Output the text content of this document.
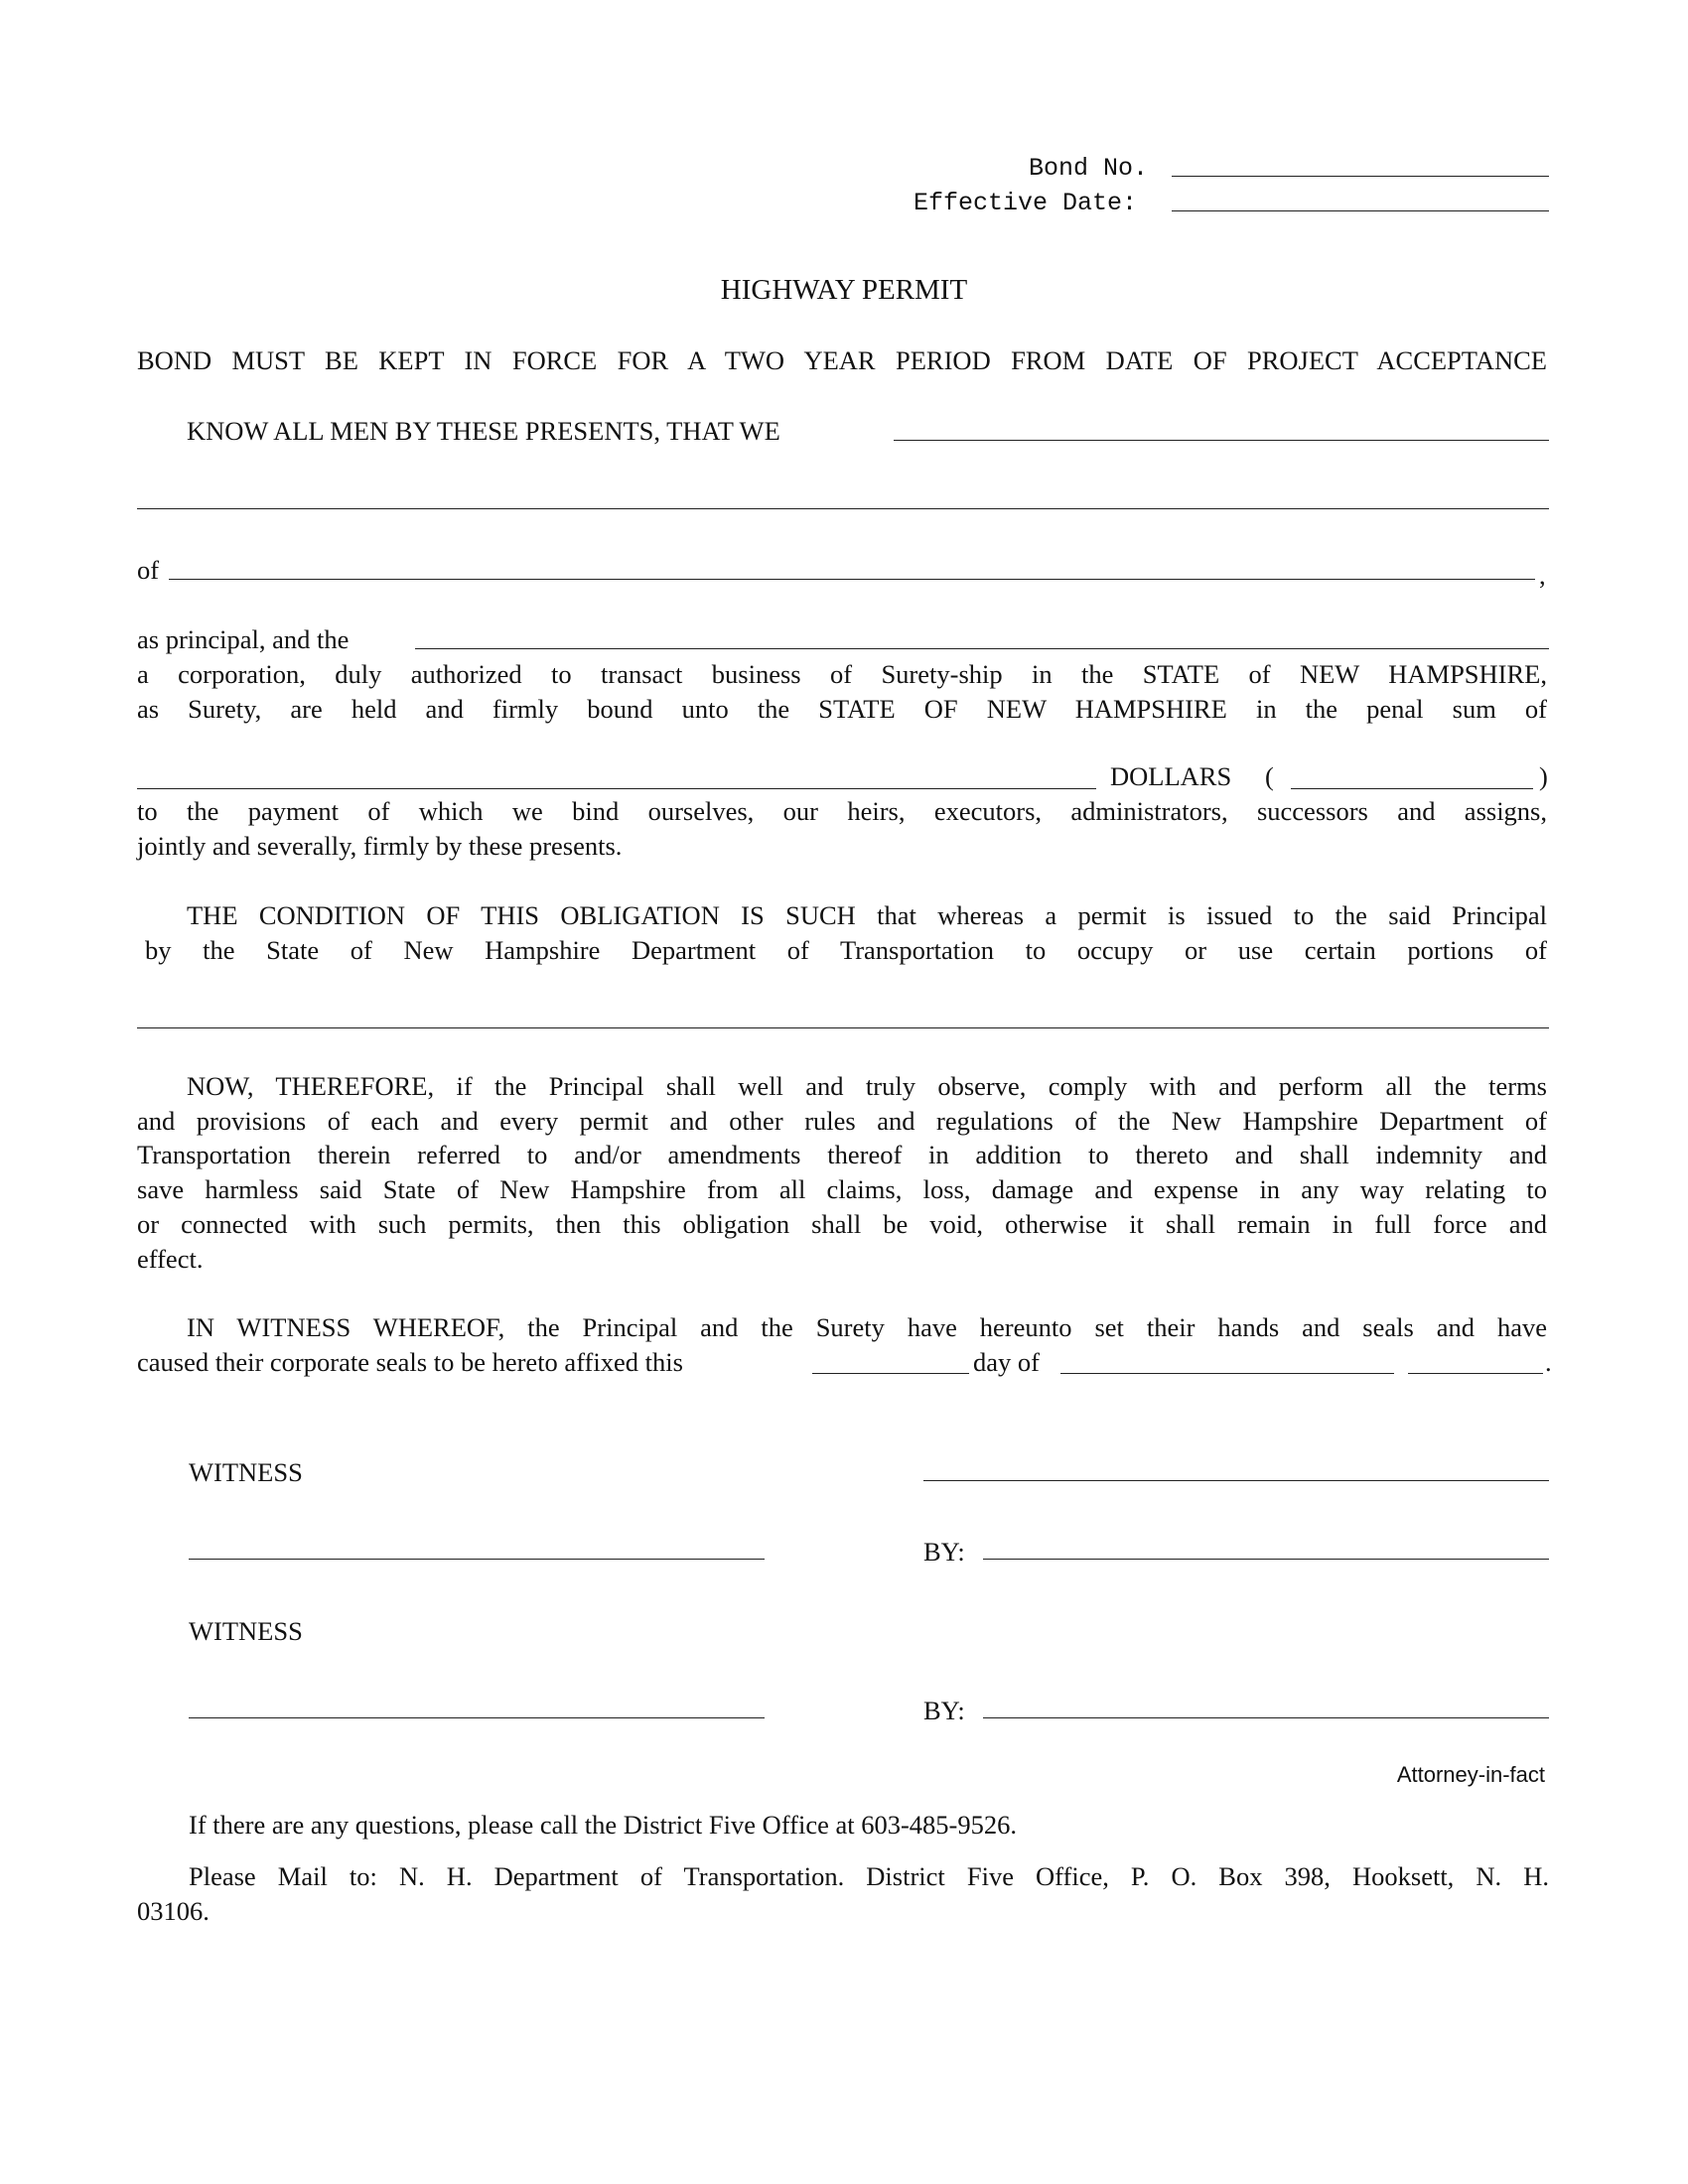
Bond No.
Effective Date:
HIGHWAY PERMIT
BOND MUST BE KEPT IN FORCE FOR A TWO YEAR PERIOD FROM DATE OF PROJECT ACCEPTANCE
KNOW ALL MEN BY THESE PRESENTS, THAT WE
of	,
as principal, and the
a corporation, duly authorized to transact business of Surety-ship in the STATE of NEW HAMPSHIRE,
as Surety, are held and firmly bound unto the STATE OF NEW HAMPSHIRE in the penal sum of
DOLLARS (	)
to the payment of which we bind ourselves, our heirs, executors, administrators, successors and assigns,
jointly and severally, firmly by these presents.
THE CONDITION OF THIS OBLIGATION IS SUCH that whereas a permit is issued to the said Principal
by the State of New Hampshire Department of Transportation to occupy or use certain portions of
NOW, THEREFORE, if the Principal shall well and truly observe, comply with and perform all the terms
and provisions of each and every permit and other rules and regulations of the New Hampshire Department of
Transportation therein referred to and/or amendments thereof in addition to thereto and shall indemnity and
save harmless said State of New Hampshire from all claims, loss, damage and expense in any way relating to
or connected with such permits, then this obligation shall be void, otherwise it shall remain in full force and
effect.
IN WITNESS WHEREOF, the Principal and the Surety have hereunto set their hands and seals and have
caused their corporate seals to be hereto affixed this	day of	.
WITNESS
BY:
WITNESS
BY:
Attorney-in-fact
If there are any questions, please call the District Five Office at 603-485-9526.
Please Mail to: N. H. Department of Transportation. District Five Office, P. O. Box 398, Hooksett, N. H.
03106.
